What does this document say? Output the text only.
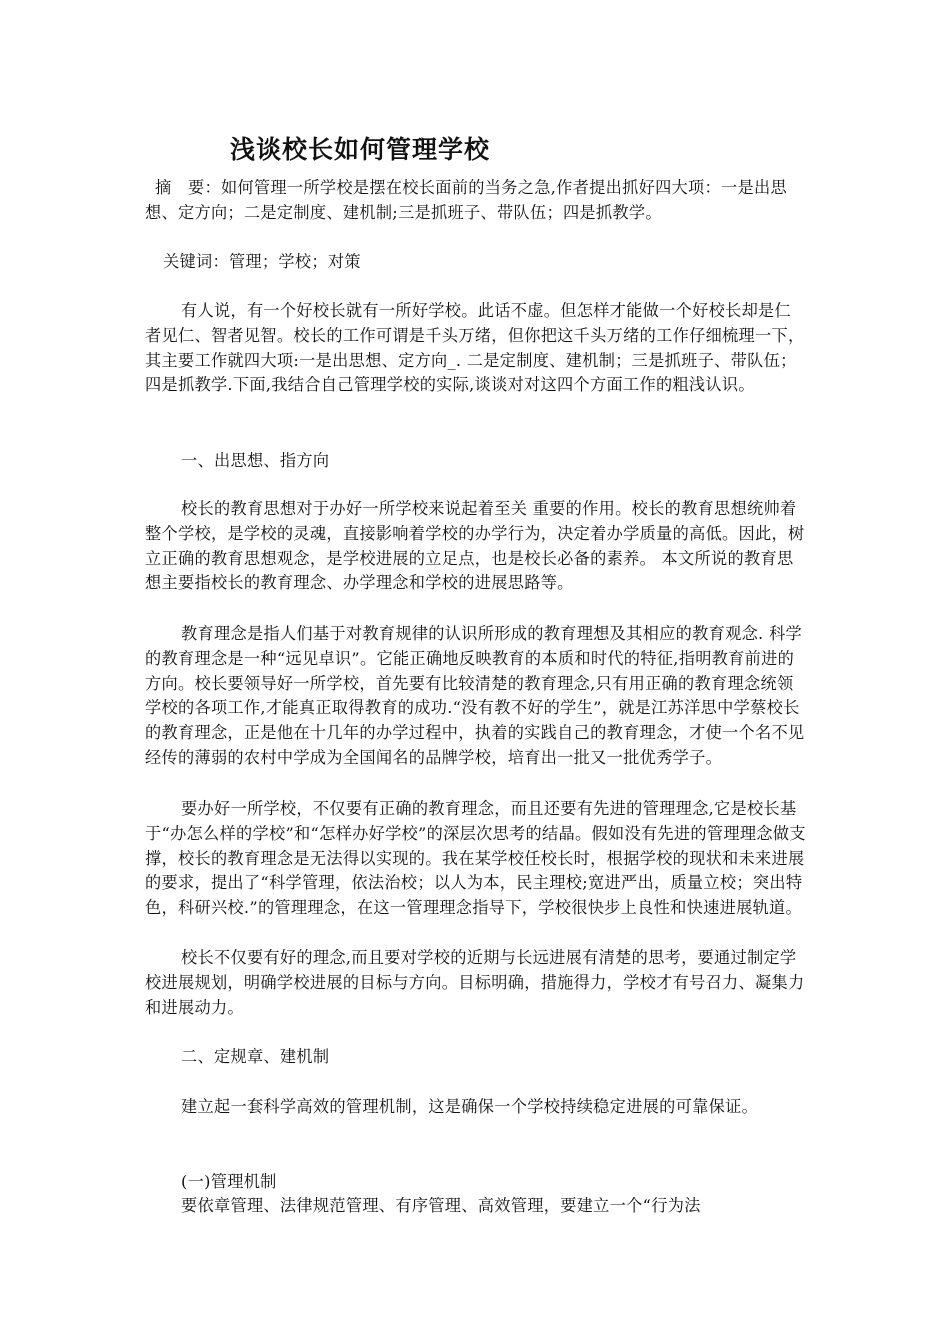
浅谈校长如何管理学校

摘　要：如何管理一所学校是摆在校长面前的当务之急,作者提出抓好四大项：一是出思想、定方向；二是定制度、建机制;三是抓班子、带队伍；四是抓教学。

关键词：管理；学校；对策

有人说，有一个好校长就有一所好学校。此话不虚。但怎样才能做一个好校长却是仁者见仁、智者见智。校长的工作可谓是千头万绪，但你把这千头万绪的工作仔细梳理一下，其主要工作就四大项:一是出思想、定方向_. 二是定制度、建机制；三是抓班子、带队伍；四是抓教学.下面,我结合自己管理学校的实际,谈谈对对这四个方面工作的粗浅认识。

一、出思想、指方向

校长的教育思想对于办好一所学校来说起着至关 重要的作用。校长的教育思想统帅着整个学校，是学校的灵魂，直接影响着学校的办学行为，决定着办学质量的高低。因此，树立正确的教育思想观念，是学校进展的立足点，也是校长必备的素养。 本文所说的教育思想主要指校长的教育理念、办学理念和学校的进展思路等。

教育理念是指人们基于对教育规律的认识所形成的教育理想及其相应的教育观念. 科学的教育理念是一种“远见卓识”。它能正确地反映教育的本质和时代的特征,指明教育前进的方向。校长要领导好一所学校，首先要有比较清楚的教育理念,只有用正确的教育理念统领学校的各项工作,才能真正取得教育的成功.“没有教不好的学生”，就是江苏洋思中学蔡校长的教育理念，正是他在十几年的办学过程中，执着的实践自己的教育理念，才使一个名不见经传的薄弱的农村中学成为全国闻名的品牌学校，培育出一批又一批优秀学子。

要办好一所学校，不仅要有正确的教育理念，而且还要有先进的管理理念,它是校长基于“办怎么样的学校”和“怎样办好学校”的深层次思考的结晶。假如没有先进的管理理念做支撑，校长的教育理念是无法得以实现的。我在某学校任校长时，根据学校的现状和未来进展的要求，提出了“科学管理，依法治校；以人为本，民主理校;宽进严出，质量立校；突出特色，科研兴校.”的管理理念，在这一管理理念指导下，学校很快步上良性和快速进展轨道。

校长不仅要有好的理念,而且要对学校的近期与长远进展有清楚的思考，要通过制定学校进展规划，明确学校进展的目标与方向。目标明确，措施得力，学校才有号召力、凝集力和进展动力。

二、定规章、建机制

建立起一套科学高效的管理机制，这是确保一个学校持续稳定进展的可靠保证。

(一)管理机制

要依章管理、法律规范管理、有序管理、高效管理，要建立一个“行为法
